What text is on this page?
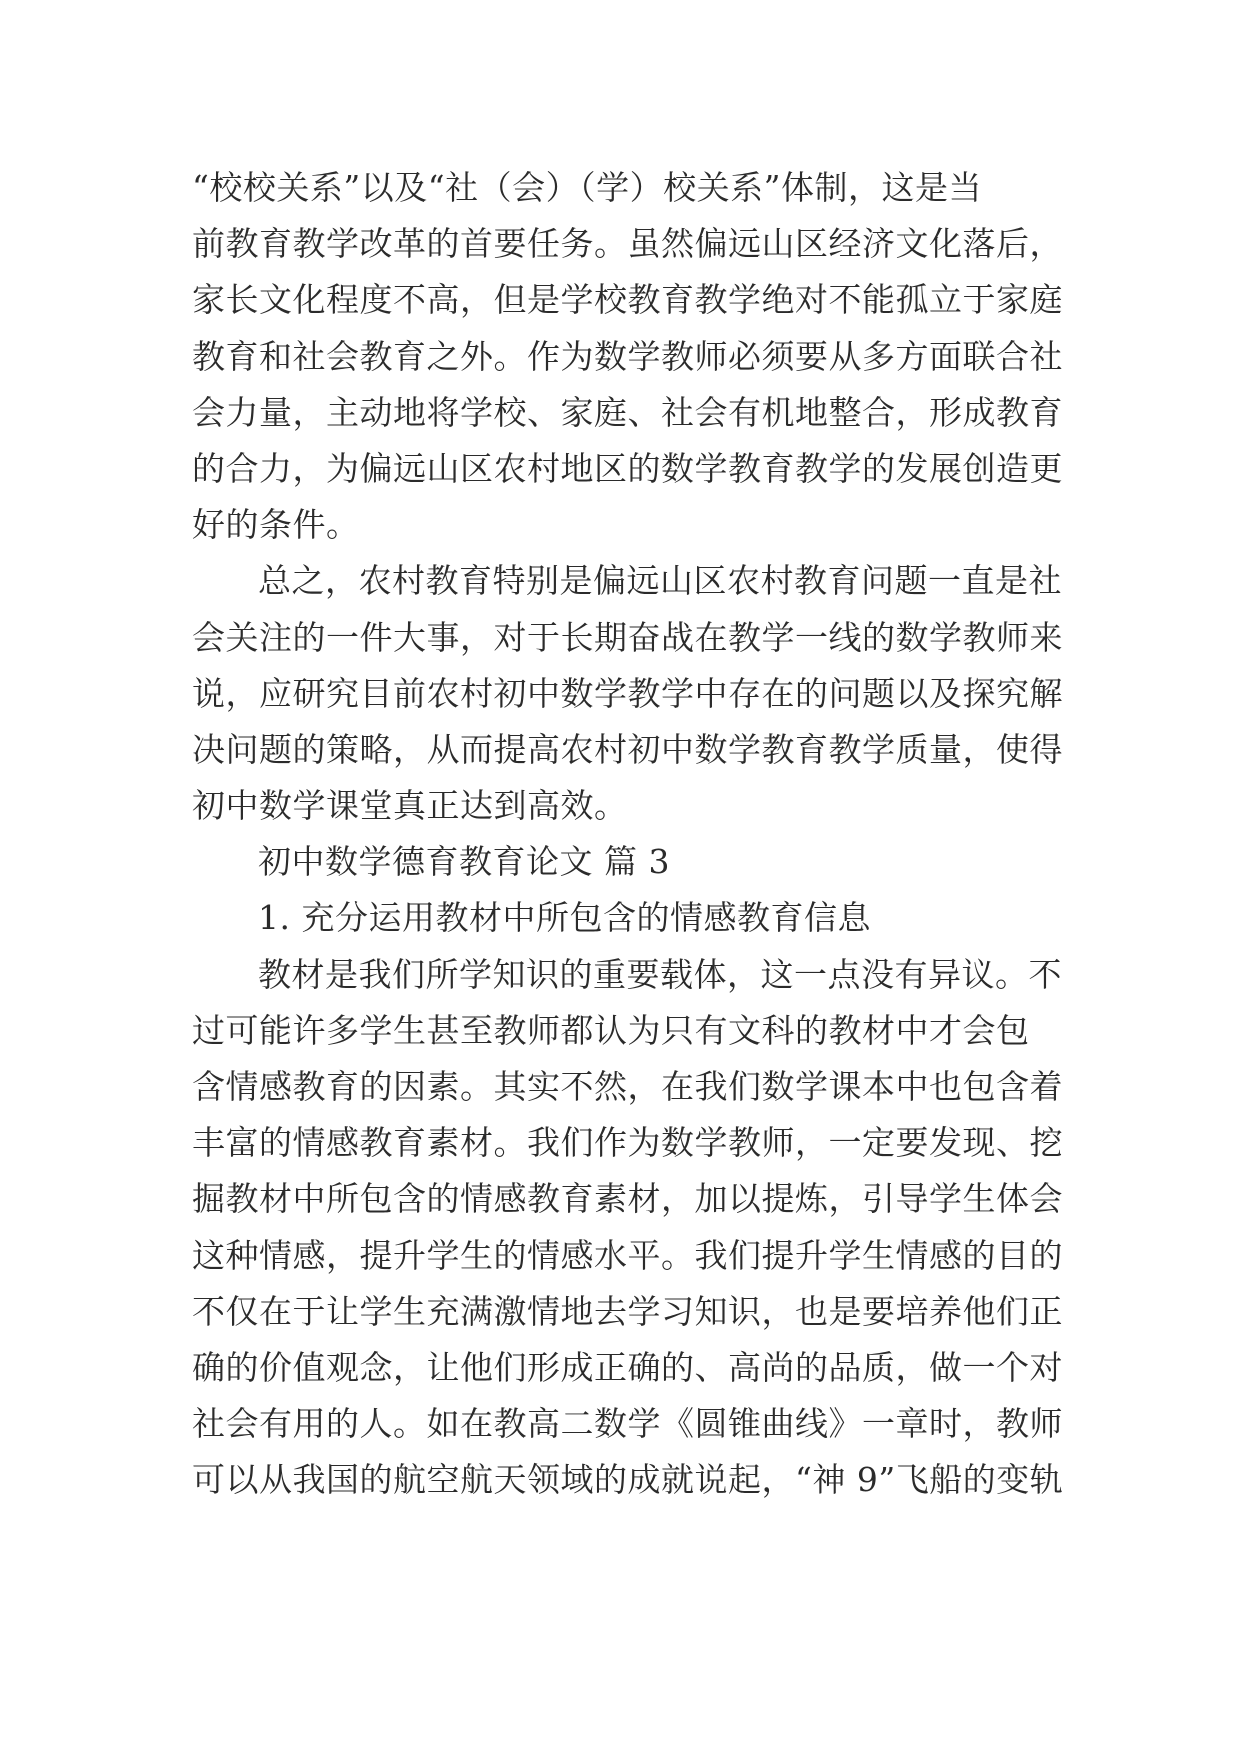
“校校关系”以及“社（会）（学）校关系”体制，这是当
前教育教学改革的首要任务。虽然偏远山区经济文化落后，
家长文化程度不高，但是学校教育教学绝对不能孤立于家庭
教育和社会教育之外。作为数学教师必须要从多方面联合社
会力量，主动地将学校、家庭、社会有机地整合，形成教育
的合力，为偏远山区农村地区的数学教育教学的发展创造更
好的条件。
总之，农村教育特别是偏远山区农村教育问题一直是社
会关注的一件大事，对于长期奋战在教学一线的数学教师来
说，应研究目前农村初中数学教学中存在的问题以及探究解
决问题的策略，从而提高农村初中数学教育教学质量，使得
初中数学课堂真正达到高效。
初中数学德育教育论文 篇 3
1. 充分运用教材中所包含的情感教育信息
教材是我们所学知识的重要载体，这一点没有异议。不
过可能许多学生甚至教师都认为只有文科的教材中才会包
含情感教育的因素。其实不然，在我们数学课本中也包含着
丰富的情感教育素材。我们作为数学教师，一定要发现、挖
掘教材中所包含的情感教育素材，加以提炼，引导学生体会
这种情感，提升学生的情感水平。我们提升学生情感的目的
不仅在于让学生充满激情地去学习知识，也是要培养他们正
确的价值观念，让他们形成正确的、高尚的品质，做一个对
社会有用的人。如在教高二数学《圆锥曲线》一章时，教师
可以从我国的航空航天领域的成就说起，“神 9”飞船的变轨
